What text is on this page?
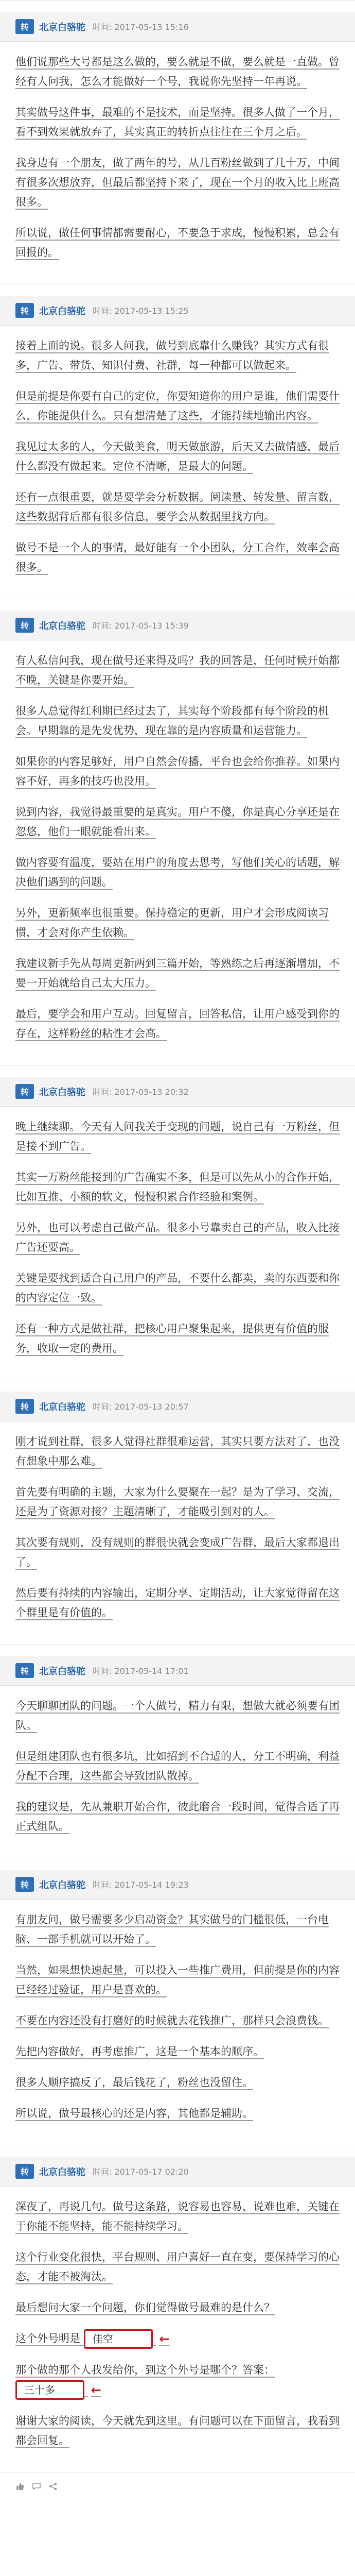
转	北京白骆驼 时间: 2017-05-13 15:16

他们说那些大号都是这么做的，要么就是不做，要么就是一直做。曾经有人问我，怎么才能做好一个号，我说你先坚持一年再说。

其实做号这件事，最难的不是技术，而是坚持。很多人做了一个月，看不到效果就放弃了，其实真正的转折点往往在三个月之后。

我身边有一个朋友，做了两年的号，从几百粉丝做到了几十万，中间有很多次想放弃，但最后都坚持下来了，现在一个月的收入比上班高很多。

所以说，做任何事情都需要耐心，不要急于求成，慢慢积累，总会有回报的。

转	北京白骆驼 时间: 2017-05-13 15:25

接着上面的说。很多人问我，做号到底靠什么赚钱？其实方式有很多，广告、带货、知识付费、社群，每一种都可以做起来。

但是前提是你要有自己的定位，你要知道你的用户是谁，他们需要什么，你能提供什么。只有想清楚了这些，才能持续地输出内容。

我见过太多的人，今天做美食，明天做旅游，后天又去做情感，最后什么都没有做起来。定位不清晰，是最大的问题。

还有一点很重要，就是要学会分析数据。阅读量、转发量、留言数，这些数据背后都有很多信息，要学会从数据里找方向。

做号不是一个人的事情，最好能有一个小团队，分工合作，效率会高很多。

转	北京白骆驼 时间: 2017-05-13 15:39

有人私信问我，现在做号还来得及吗？我的回答是，任何时候开始都不晚，关键是你要开始。

很多人总觉得红利期已经过去了，其实每个阶段都有每个阶段的机会。早期靠的是先发优势，现在靠的是内容质量和运营能力。

如果你的内容足够好，用户自然会传播，平台也会给你推荐。如果内容不好，再多的技巧也没用。

说到内容，我觉得最重要的是真实。用户不傻，你是真心分享还是在忽悠，他们一眼就能看出来。

做内容要有温度，要站在用户的角度去思考，写他们关心的话题，解决他们遇到的问题。

另外，更新频率也很重要。保持稳定的更新，用户才会形成阅读习惯，才会对你产生依赖。

我建议新手先从每周更新两到三篇开始，等熟练之后再逐渐增加，不要一开始就给自己太大压力。

最后，要学会和用户互动。回复留言，回答私信，让用户感受到你的存在，这样粉丝的粘性才会高。

转	北京白骆驼 时间: 2017-05-13 20:32

晚上继续聊。今天有人问我关于变现的问题，说自己有一万粉丝，但是接不到广告。

其实一万粉丝能接到的广告确实不多，但是可以先从小的合作开始，比如互推、小额的软文，慢慢积累合作经验和案例。

另外，也可以考虑自己做产品。很多小号靠卖自己的产品，收入比接广告还要高。

关键是要找到适合自己用户的产品，不要什么都卖，卖的东西要和你的内容定位一致。

还有一种方式是做社群，把核心用户聚集起来，提供更有价值的服务，收取一定的费用。

转	北京白骆驼 时间: 2017-05-13 20:57

刚才说到社群，很多人觉得社群很难运营，其实只要方法对了，也没有想象中那么难。

首先要有明确的主题，大家为什么要聚在一起？是为了学习、交流，还是为了资源对接？主题清晰了，才能吸引到对的人。

其次要有规则，没有规则的群很快就会变成广告群，最后大家都退出了。

然后要有持续的内容输出，定期分享、定期活动，让大家觉得留在这个群里是有价值的。

转	北京白骆驼 时间: 2017-05-14 17:01

今天聊聊团队的问题。一个人做号，精力有限，想做大就必须要有团队。

但是组建团队也有很多坑，比如招到不合适的人，分工不明确，利益分配不合理，这些都会导致团队散掉。

我的建议是，先从兼职开始合作，彼此磨合一段时间，觉得合适了再正式组队。

转	北京白骆驼 时间: 2017-05-14 19:23

有朋友问，做号需要多少启动资金？其实做号的门槛很低，一台电脑、一部手机就可以开始了。

当然，如果想快速起量，可以投入一些推广费用，但前提是你的内容已经经过验证，用户是喜欢的。

不要在内容还没有打磨好的时候就去花钱推广，那样只会浪费钱。

先把内容做好，再考虑推广，这是一个基本的顺序。

很多人顺序搞反了，最后钱花了，粉丝也没留住。

所以说，做号最核心的还是内容，其他都是辅助。

转	北京白骆驼 时间: 2017-05-17 02:20

深夜了，再说几句。做号这条路，说容易也容易，说难也难，关键在于你能不能坚持，能不能持续学习。

这个行业变化很快，平台规则、用户喜好一直在变，要保持学习的心态，才能不被淘汰。

最后想问大家一个问题，你们觉得做号最难的是什么？

这个外号明是 佳空	←

那个做的那个人我发给你，到这个外号是哪个？答案： 三十多	←

谢谢大家的阅读，今天就先到这里。有问题可以在下面留言，我看到都会回复。
